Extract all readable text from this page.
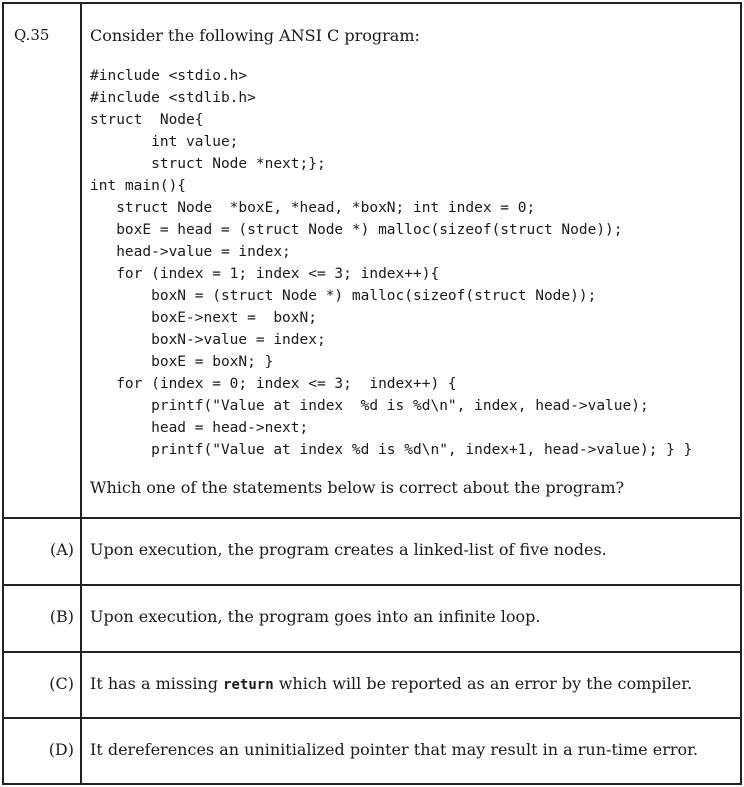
Q.35	Consider the following ANSI C program:
#include <stdio.h>
#include <stdlib.h>
struct  Node{
int value;
struct Node *next;};
int main(){
struct Node  *boxE, *head, *boxN; int index = 0;
boxE = head = (struct Node *) malloc(sizeof(struct Node));
head->value = index;
for (index = 1; index <= 3; index++){
boxN = (struct Node *) malloc(sizeof(struct Node));
boxE->next =  boxN;
boxN->value = index;
boxE = boxN; }
for (index = 0; index <= 3;  index++) {
printf("Value at index  %d is %d\n", index, head->value);
head = head->next;
printf("Value at index %d is %d\n", index+1, head->value); } }
Which one of the statements below is correct about the program?
(A) Upon execution, the program creates a linked-list of five nodes.
(B) Upon execution, the program goes into an infinite loop.
(C) It has a missing return which will be reported as an error by the compiler.
(D) It dereferences an uninitialized pointer that may result in a run-time error.
